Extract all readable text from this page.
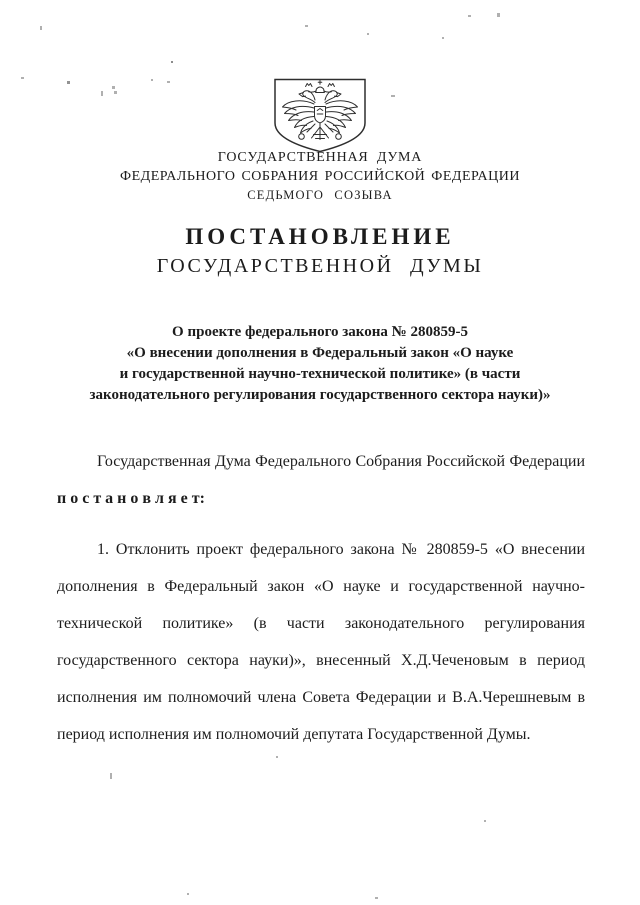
ГОСУДАРСТВЕННАЯ ДУМА
ФЕДЕРАЛЬНОГО СОБРАНИЯ РОССИЙСКОЙ ФЕДЕРАЦИИ
СЕДЬМОГО СОЗЫВА
ПОСТАНОВЛЕНИЕ
ГОСУДАРСТВЕННОЙ ДУМЫ
О проекте федерального закона № 280859-5
«О внесении дополнения в Федеральный закон «О науке
и государственной научно-технической политике» (в части
законодательного регулирования государственного сектора науки)»

Государственная Дума Федерального Собрания Российской Федерации п о с т а н о в л я е т:

1. Отклонить проект федерального закона № 280859-5 «О внесении дополнения в Федеральный закон «О науке и государственной научно-технической политике» (в части законодательного регулирования государственного сектора науки)», внесенный Х.Д.Чеченовым в период исполнения им полномочий члена Совета Федерации и В.А.Черешневым в период исполнения им полномочий депутата Государственной Думы.
